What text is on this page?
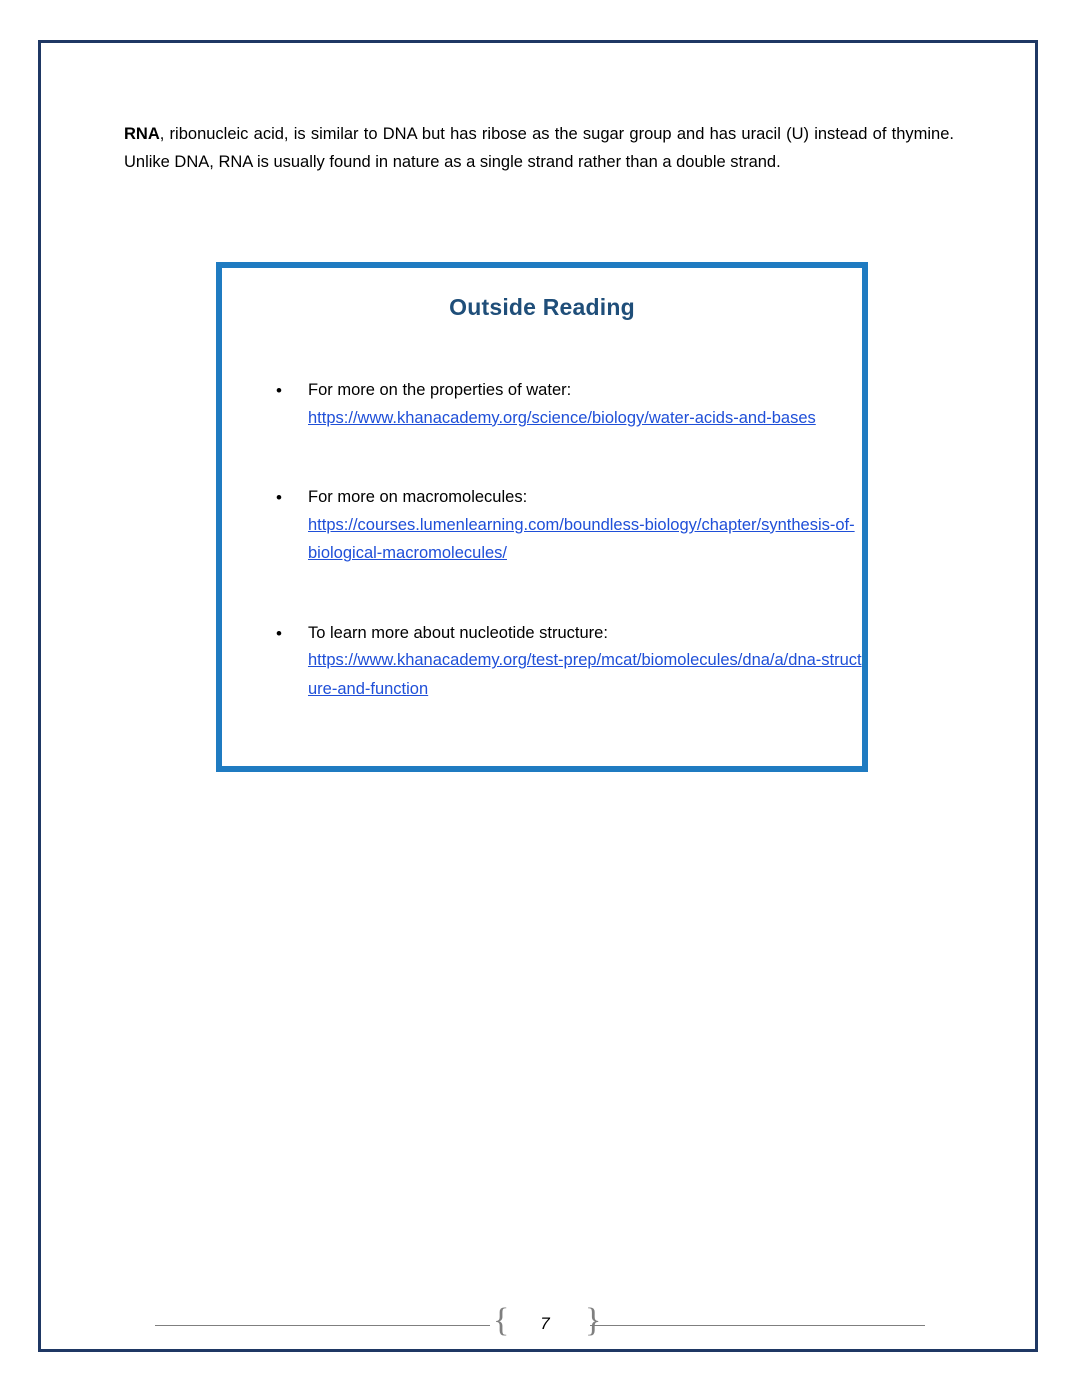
RNA, ribonucleic acid, is similar to DNA but has ribose as the sugar group and has uracil (U) instead of thymine. Unlike DNA, RNA is usually found in nature as a single strand rather than a double strand.

Outside Reading
• For more on the properties of water:
https://www.khanacademy.org/science/biology/water-acids-and-bases
• For more on macromolecules:
https://courses.lumenlearning.com/boundless-biology/chapter/synthesis-of-biological-macromolecules/
• To learn more about nucleotide structure:
https://www.khanacademy.org/test-prep/mcat/biomolecules/dna/a/dna-structure-and-function
{	7	}
